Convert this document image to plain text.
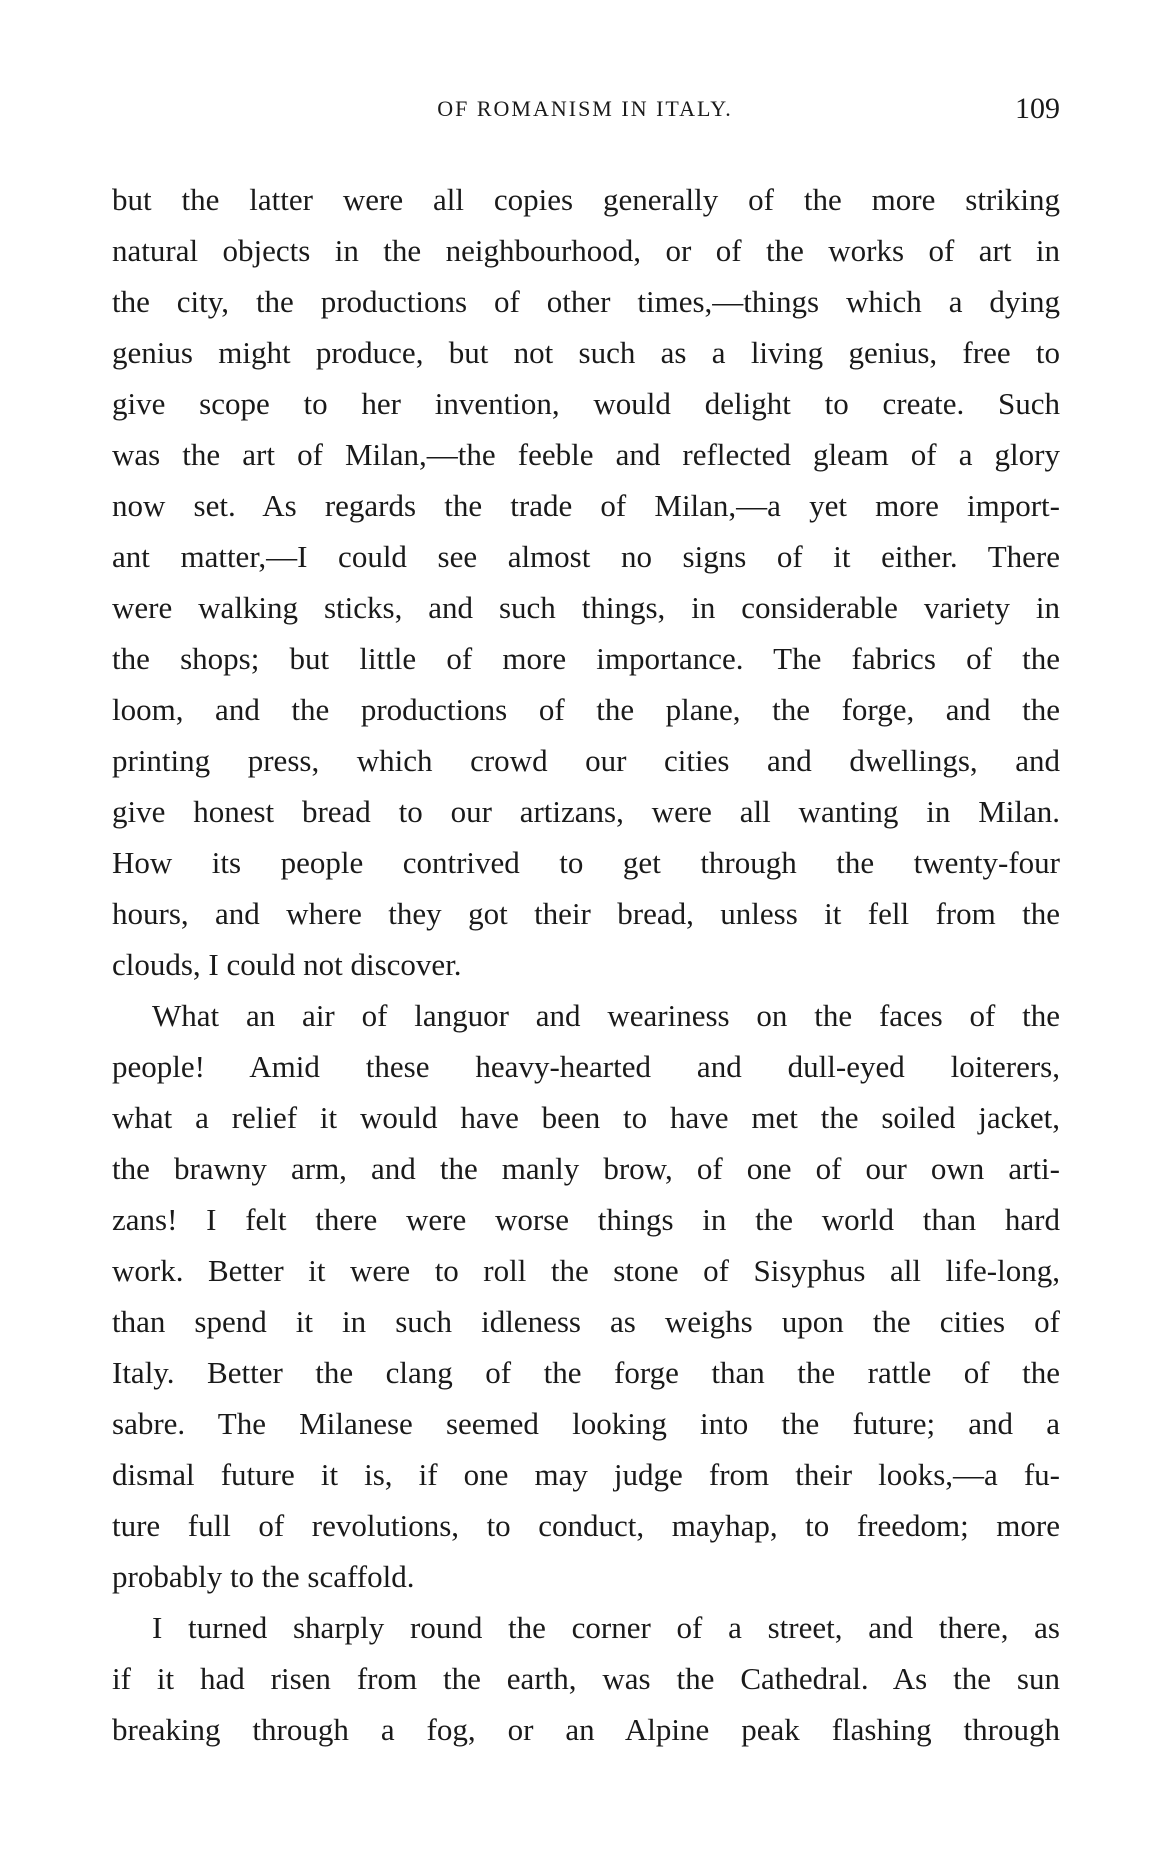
OF ROMANISM IN ITALY.	109
but the latter were all copies generally of the more striking
natural objects in the neighbourhood, or of the works of art in
the city, the productions of other times,—things which a dying
genius might produce, but not such as a living genius, free to
give scope to her invention, would delight to create. Such
was the art of Milan,—the feeble and reflected gleam of a glory
now set. As regards the trade of Milan,—a yet more import-
ant matter,—I could see almost no signs of it either. There
were walking sticks, and such things, in considerable variety in
the shops; but little of more importance. The fabrics of the
loom, and the productions of the plane, the forge, and the
printing press, which crowd our cities and dwellings, and
give honest bread to our artizans, were all wanting in Milan.
How its people contrived to get through the twenty-four
hours, and where they got their bread, unless it fell from the
clouds, I could not discover.
What an air of languor and weariness on the faces of the
people! Amid these heavy-hearted and dull-eyed loiterers,
what a relief it would have been to have met the soiled jacket,
the brawny arm, and the manly brow, of one of our own arti-
zans! I felt there were worse things in the world than hard
work. Better it were to roll the stone of Sisyphus all life-long,
than spend it in such idleness as weighs upon the cities of
Italy. Better the clang of the forge than the rattle of the
sabre. The Milanese seemed looking into the future; and a
dismal future it is, if one may judge from their looks,—a fu-
ture full of revolutions, to conduct, mayhap, to freedom; more
probably to the scaffold.
I turned sharply round the corner of a street, and there, as
if it had risen from the earth, was the Cathedral. As the sun
breaking through a fog, or an Alpine peak flashing through
